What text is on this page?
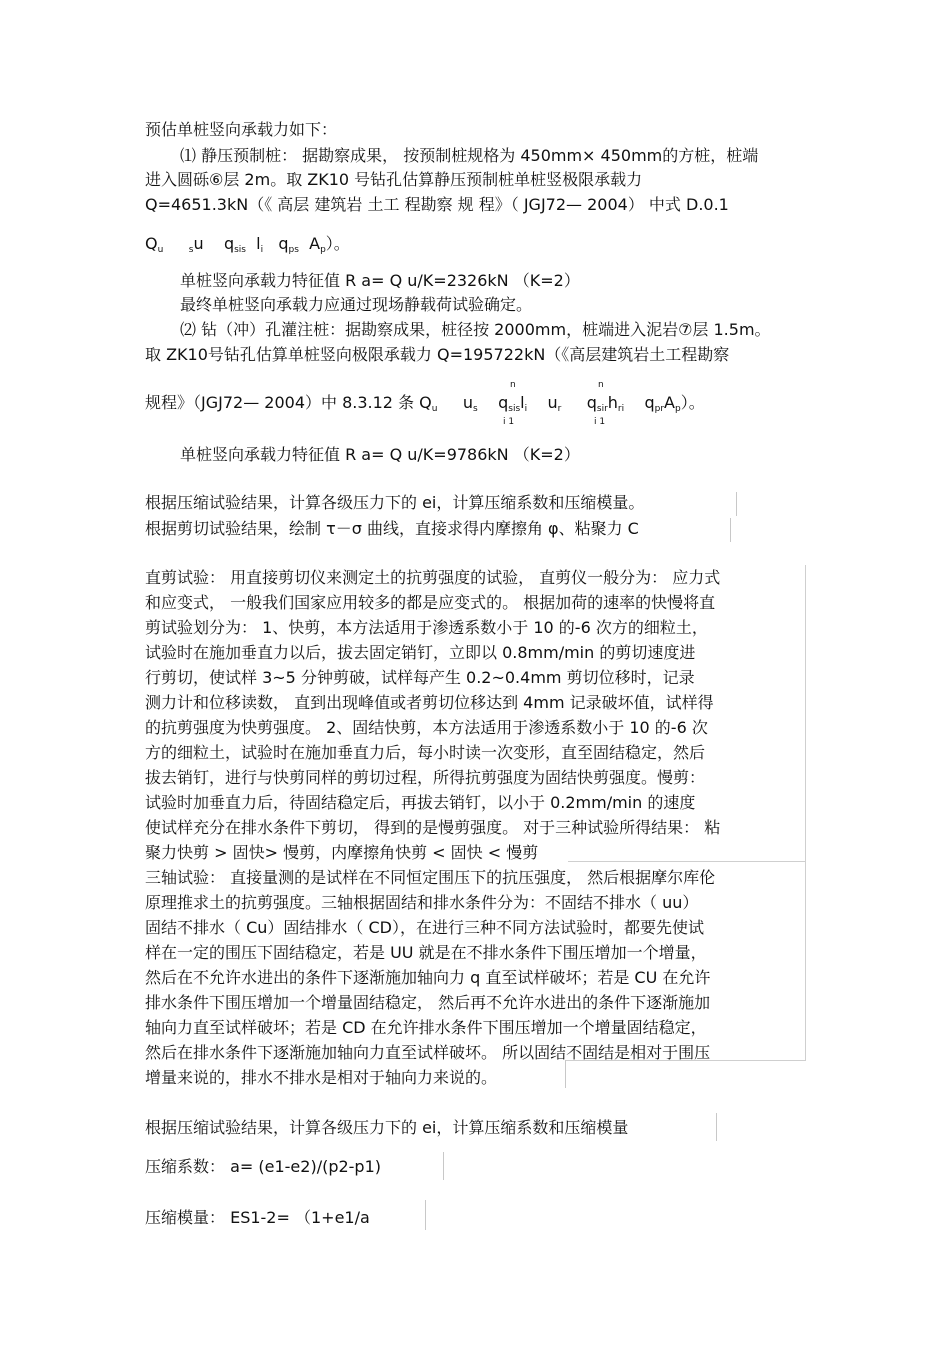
预估单桩竖向承载力如下：
⑴ 静压预制桩： 据勘察成果， 按预制桩规格为 450mm× 450mm的方桩，桩端
进入圆砾⑥层 2m。取 ZK10 号钻孔估算静压预制桩单桩竖极限承载力
Q=4651.3kN（《 高层 建筑岩 土工 程勘察 规 程》（ JGJ72— 2004） 中式 D.0.1
$Q_u$	$_s$u $q_{sis}$ $l_i$ $q_{ps}$ $A_p$）。
单桩竖向承载力特征值 R a= Q u/K=2326kN （K=2）
最终单桩竖向承载力应通过现场静载荷试验确定。
⑵ 钻（冲）孔灌注桩：据勘察成果，桩径按 2000mm，桩端进入泥岩⑦层 1.5m。
取 ZK10号钻孔估算单桩竖向极限承载力 Q=195722kN（《高层建筑岩土工程勘察
n	n
规程》（JGJ72— 2004）中 8.3.12 条 $Q_u$ $u_s$ $q_{sis}l_i$ $u_r$ $q_{sir}h_{ri}$ $q_{pr}A_p$）。
i 1	i 1
单桩竖向承载力特征值 R a= Q u/K=9786kN （K=2）
根据压缩试验结果，计算各级压力下的 ei，计算压缩系数和压缩模量。
根据剪切试验结果，绘制 τ－σ 曲线，直接求得内摩擦角 φ、粘聚力 C
直剪试验： 用直接剪切仪来测定土的抗剪强度的试验， 直剪仪一般分为： 应力式
和应变式， 一般我们国家应用较多的都是应变式的。 根据加荷的速率的快慢将直
剪试验划分为： 1、快剪，本方法适用于渗透系数小于 10 的-6 次方的细粒土，
试验时在施加垂直力以后，拔去固定销钉，立即以 0.8mm/min 的剪切速度进
行剪切，使试样 3~5 分钟剪破，试样每产生 0.2~0.4mm 剪切位移时，记录
测力计和位移读数， 直到出现峰值或者剪切位移达到 4mm 记录破坏值，试样得
的抗剪强度为快剪强度。 2、固结快剪，本方法适用于渗透系数小于 10 的-6 次
方的细粒土，试验时在施加垂直力后，每小时读一次变形，直至固结稳定，然后
拔去销钉，进行与快剪同样的剪切过程，所得抗剪强度为固结快剪强度。慢剪：
试验时加垂直力后，待固结稳定后，再拔去销钉，以小于 0.2mm/min 的速度
使试样充分在排水条件下剪切， 得到的是慢剪强度。 对于三种试验所得结果： 粘
聚力快剪 > 固快> 慢剪，内摩擦角快剪 < 固快 < 慢剪
三轴试验： 直接量测的是试样在不同恒定围压下的抗压强度， 然后根据摩尔库伦
原理推求土的抗剪强度。三轴根据固结和排水条件分为：不固结不排水（ uu）
固结不排水（ Cu）固结排水（ CD），在进行三种不同方法试验时，都要先使试
样在一定的围压下固结稳定，若是 UU 就是在不排水条件下围压增加一个增量，
然后在不允许水进出的条件下逐渐施加轴向力 q 直至试样破坏；若是 CU 在允许
排水条件下围压增加一个增量固结稳定， 然后再不允许水进出的条件下逐渐施加
轴向力直至试样破坏；若是 CD 在允许排水条件下围压增加一个增量固结稳定，
然后在排水条件下逐渐施加轴向力直至试样破坏。 所以固结不固结是相对于围压
增量来说的，排水不排水是相对于轴向力来说的。
根据压缩试验结果，计算各级压力下的 ei，计算压缩系数和压缩模量
压缩系数： a= (e1-e2)/(p2-p1)
压缩模量： ES1-2= （1+e1/a
